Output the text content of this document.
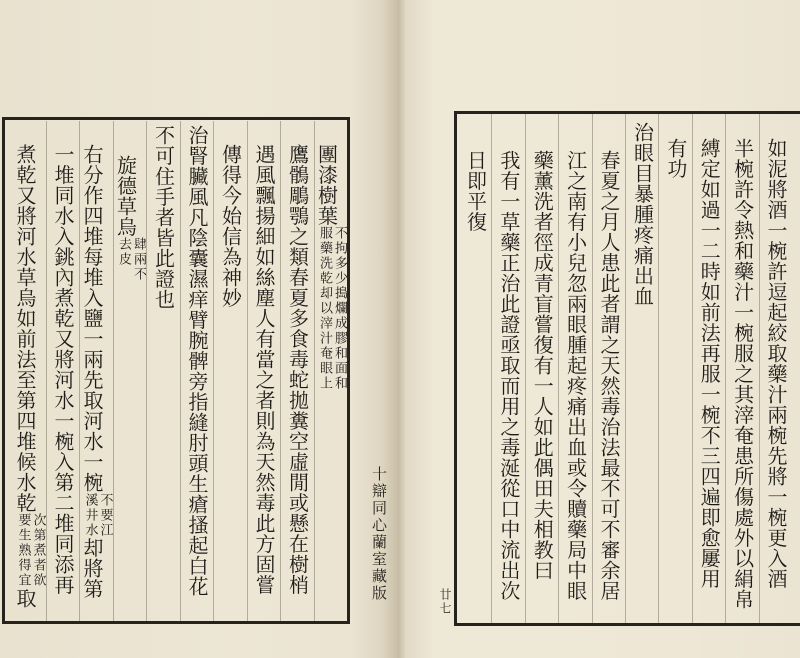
如泥將酒一椀許逗起絞取藥汁兩椀先將一椀更入酒
半椀許令熱和藥汁一椀服之其滓奄患所傷處外以絹帛
縛定如過一二時如前法再服一椀不三四遍即愈屢用
有功
治眼目暴腫疼痛出血
春夏之月人患此者謂之天然毒治法最不可不審余居
江之南有小兒忽兩眼腫起疼痛出血或令贖藥局中眼
藥薰洗者徑成青盲嘗復有一人如此偶田夫相教曰
我有一草藥正治此證亟取而用之毒涎從口中流出次
日即平復
廿七
十辯同心蘭室藏版
團漆樹葉
不拘多少搗爛成膠和面和
服藥洗乾却以滓汁奄眼上
鷹鶻鵰鶚之類春夏多食毒蛇拋糞空虛閒或懸在樹梢
遇風飄揚細如絲塵人有當之者則為天然毒此方固嘗
傳得今始信為神妙
治腎臟風凡陰囊濕痒臂腕髀旁指縫肘頭生瘡搔起白花
不可住手者皆此證也
旋德草烏
肆兩不
去皮
右分作四堆每堆入鹽一兩先取河水一椀
不要江
溪井水
却將第
一堆同水入銚內煮乾又將河水一椀入第二堆同添再
煮乾又將河水草烏如前法至第四堆候水乾
次第煮者欲
要生熟得宜
取
